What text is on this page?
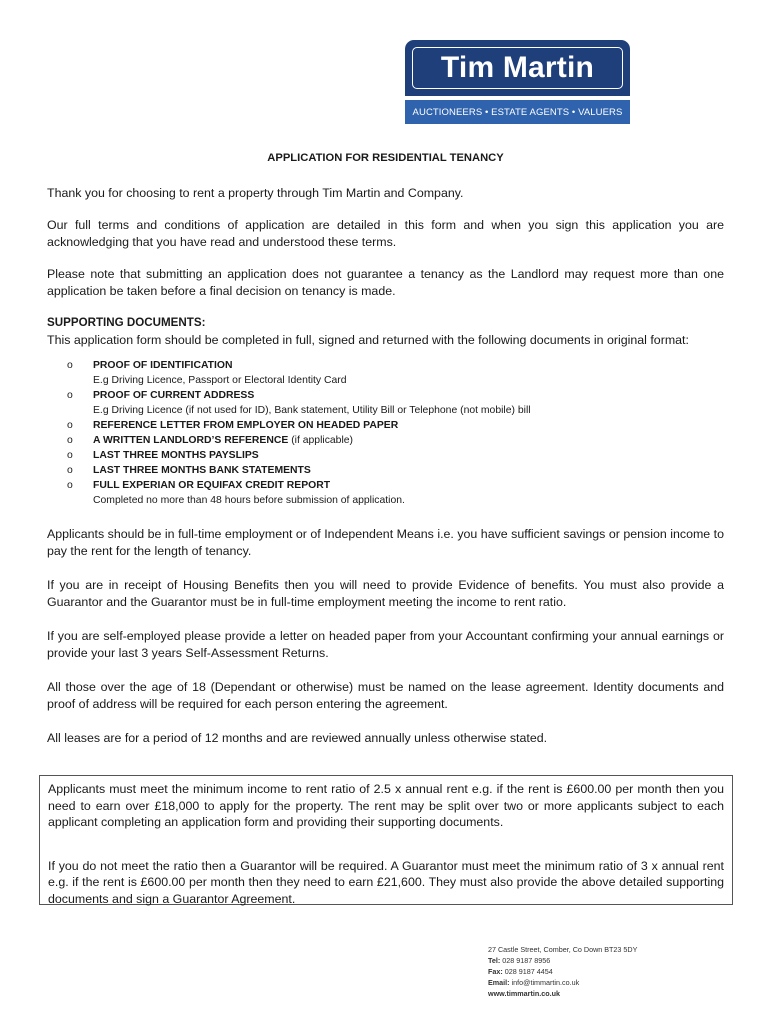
Tim Martin
AUCTIONEERS • ESTATE AGENTS • VALUERS

APPLICATION FOR RESIDENTIAL TENANCY

Thank you for choosing to rent a property through Tim Martin and Company.

Our full terms and conditions of application are detailed in this form and when you sign this application you are acknowledging that you have read and understood these terms.

Please note that submitting an application does not guarantee a tenancy as the Landlord may request more than one application be taken before a final decision on tenancy is made.

SUPPORTING DOCUMENTS:

This application form should be completed in full, signed and returned with the following documents in original format:

o PROOF OF IDENTIFICATION
E.g Driving Licence, Passport or Electoral Identity Card
o PROOF OF CURRENT ADDRESS
E.g Driving Licence (if not used for ID), Bank statement, Utility Bill or Telephone (not mobile) bill
o REFERENCE LETTER FROM EMPLOYER ON HEADED PAPER
o A WRITTEN LANDLORD’S REFERENCE (if applicable)
o LAST THREE MONTHS PAYSLIPS
o LAST THREE MONTHS BANK STATEMENTS
o FULL EXPERIAN OR EQUIFAX CREDIT REPORT
Completed no more than 48 hours before submission of application.

Applicants should be in full-time employment or of Independent Means i.e. you have sufficient savings or pension income to pay the rent for the length of tenancy.

If you are in receipt of Housing Benefits then you will need to provide Evidence of benefits. You must also provide a Guarantor and the Guarantor must be in full-time employment meeting the income to rent ratio.

If you are self-employed please provide a letter on headed paper from your Accountant confirming your annual earnings or provide your last 3 years Self-Assessment Returns.

All those over the age of 18 (Dependant or otherwise) must be named on the lease agreement. Identity documents and proof of address will be required for each person entering the agreement.

All leases are for a period of 12 months and are reviewed annually unless otherwise stated.

Applicants must meet the minimum income to rent ratio of 2.5 x annual rent e.g. if the rent is £600.00 per month then you need to earn over £18,000 to apply for the property. The rent may be split over two or more applicants subject to each applicant completing an application form and providing their supporting documents.

If you do not meet the ratio then a Guarantor will be required. A Guarantor must meet the minimum ratio of 3 x annual rent e.g. if the rent is £600.00 per month then they need to earn £21,600. They must also provide the above detailed supporting documents and sign a Guarantor Agreement.

27 Castle Street, Comber, Co Down BT23 5DY
Tel: 028 9187 8956
Fax: 028 9187 4454
Email: info@timmartin.co.uk
www.timmartin.co.uk
